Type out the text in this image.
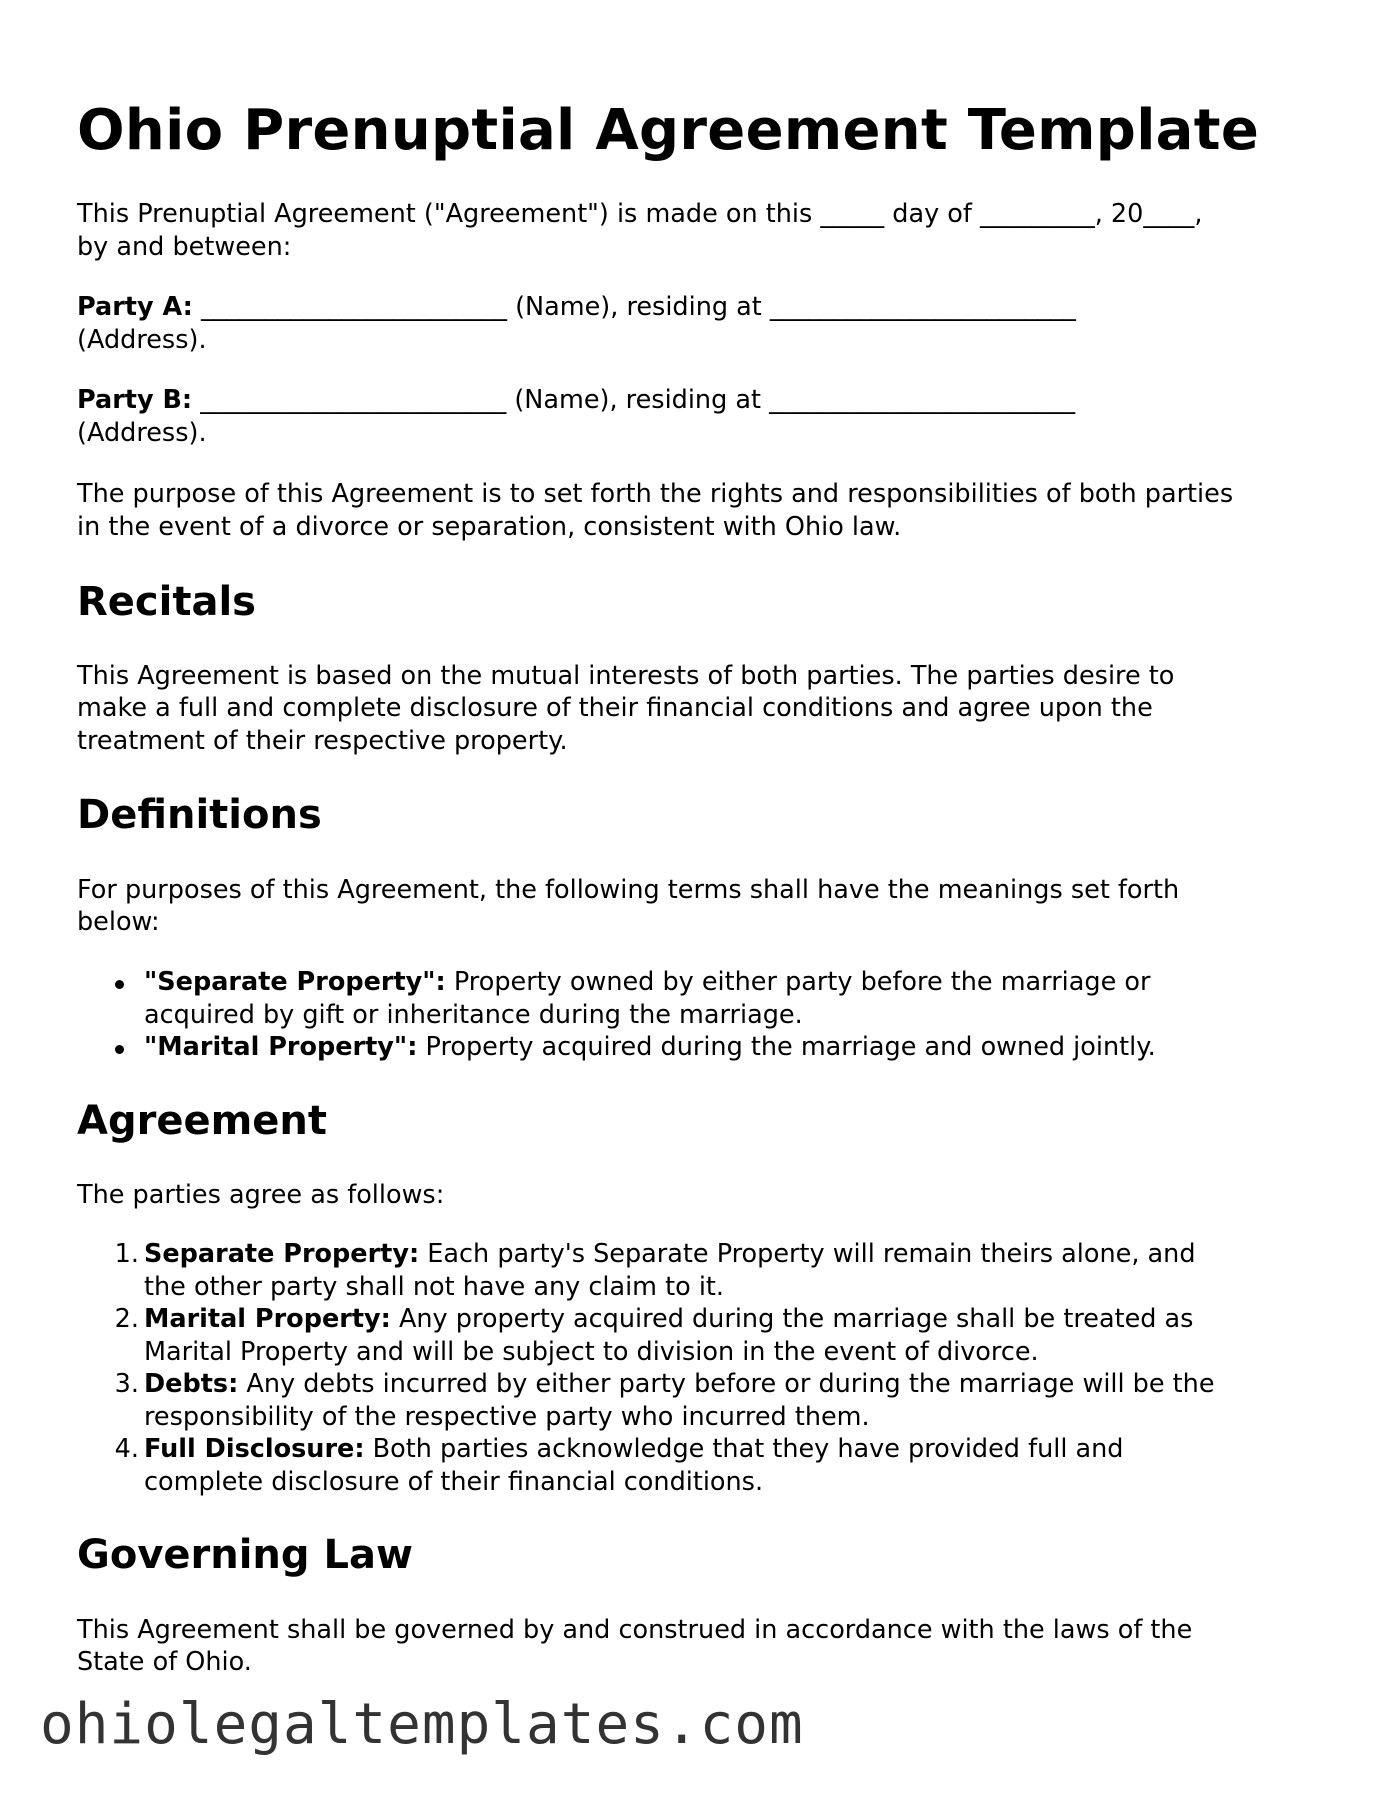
Ohio Prenuptial Agreement Template
This Prenuptial Agreement ("Agreement") is made on this _____ day of _________, 20____,
by and between:
Party A: ________________________ (Name), residing at ________________________
(Address).
Party B: ________________________ (Name), residing at ________________________
(Address).
The purpose of this Agreement is to set forth the rights and responsibilities of both parties
in the event of a divorce or separation, consistent with Ohio law.
Recitals
This Agreement is based on the mutual interests of both parties. The parties desire to
make a full and complete disclosure of their financial conditions and agree upon the
treatment of their respective property.
Definitions
For purposes of this Agreement, the following terms shall have the meanings set forth
below:
"Separate Property": Property owned by either party before the marriage or
acquired by gift or inheritance during the marriage.
"Marital Property": Property acquired during the marriage and owned jointly.
Agreement
The parties agree as follows:
1. Separate Property: Each party's Separate Property will remain theirs alone, and
the other party shall not have any claim to it.
2. Marital Property: Any property acquired during the marriage shall be treated as
Marital Property and will be subject to division in the event of divorce.
3. Debts: Any debts incurred by either party before or during the marriage will be the
responsibility of the respective party who incurred them.
4. Full Disclosure: Both parties acknowledge that they have provided full and
complete disclosure of their financial conditions.
Governing Law
This Agreement shall be governed by and construed in accordance with the laws of the
State of Ohio.
ohiolegaltemplates.com
